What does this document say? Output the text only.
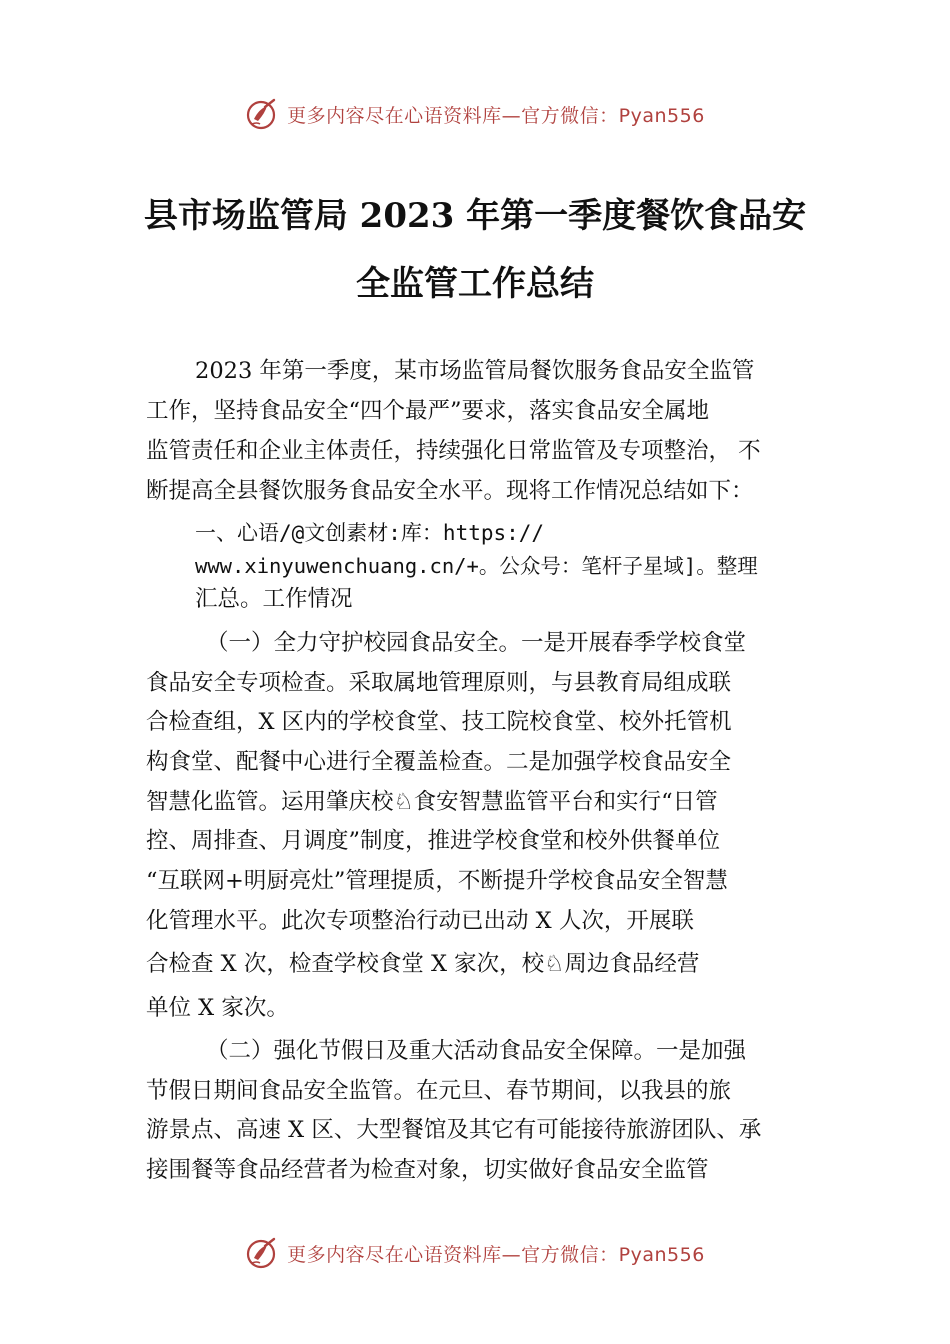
更多内容尽在心语资料库—官方微信：Pyan556
县市场监管局 2023 年第一季度餐饮食品安
全监管工作总结
2023 年第一季度，某市场监管局餐饮服务食品安全监管
工作，坚持食品安全“四个最严”要求，落实食品安全属地
监管责任和企业主体责任，持续强化日常监管及专项整治， 不
断提高全县餐饮服务食品安全水平。现将工作情况总结如下：
一、心语/@文创素材:库：https://
www.xinyuwenchuang.cn/+。公众号：笔杆子星域]。整理
汇总。工作情况
（一）全力守护校园食品安全。一是开展春季学校食堂
食品安全专项检查。采取属地管理原则，与县教育局组成联
合检查组，X 区内的学校食堂、技工院校食堂、校外托管机
构食堂、配餐中心进行全覆盖检查。二是加强学校食品安全
智慧化监管。运用肇庆校♘食安智慧监管平台和实行“日管
控、周排查、月调度”制度，推进学校食堂和校外供餐单位
“互联网+明厨亮灶”管理提质，不断提升学校食品安全智慧
化管理水平。此次专项整治行动已出动 X 人次，开展联
合检查 X 次，检查学校食堂 X 家次，校♘周边食品经营
单位 X 家次。
（二）强化节假日及重大活动食品安全保障。一是加强
节假日期间食品安全监管。在元旦、春节期间，以我县的旅
游景点、高速 X 区、大型餐馆及其它有可能接待旅游团队、承
接围餐等食品经营者为检查对象，切实做好食品安全监管
更多内容尽在心语资料库—官方微信：Pyan556
